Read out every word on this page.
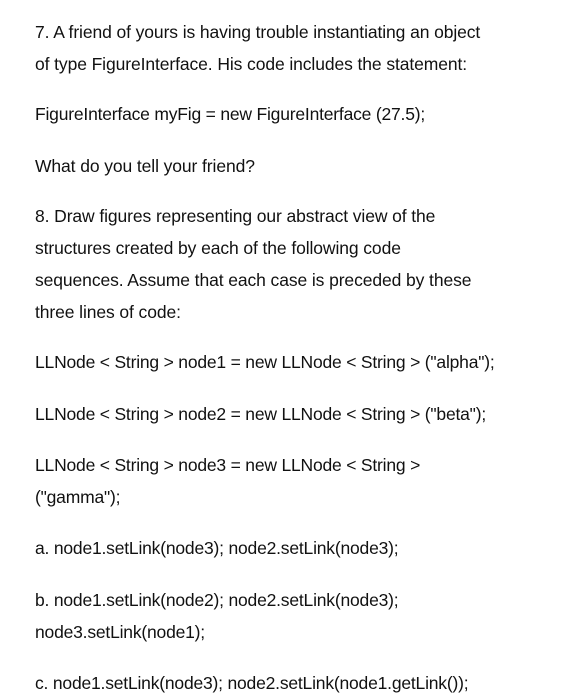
7. A friend of yours is having trouble instantiating an object
of type FigureInterface. His code includes the statement:
FigureInterface myFig = new FigureInterface (27.5);
What do you tell your friend?
8. Draw figures representing our abstract view of the
structures created by each of the following code
sequences. Assume that each case is preceded by these
three lines of code:
LLNode < String > node1 = new LLNode < String > ("alpha");
LLNode < String > node2 = new LLNode < String > ("beta");
LLNode < String > node3 = new LLNode < String >
("gamma");
a. node1.setLink(node3); node2.setLink(node3);
b. node1.setLink(node2); node2.setLink(node3);
node3.setLink(node1);
c. node1.setLink(node3); node2.setLink(node1.getLink());
